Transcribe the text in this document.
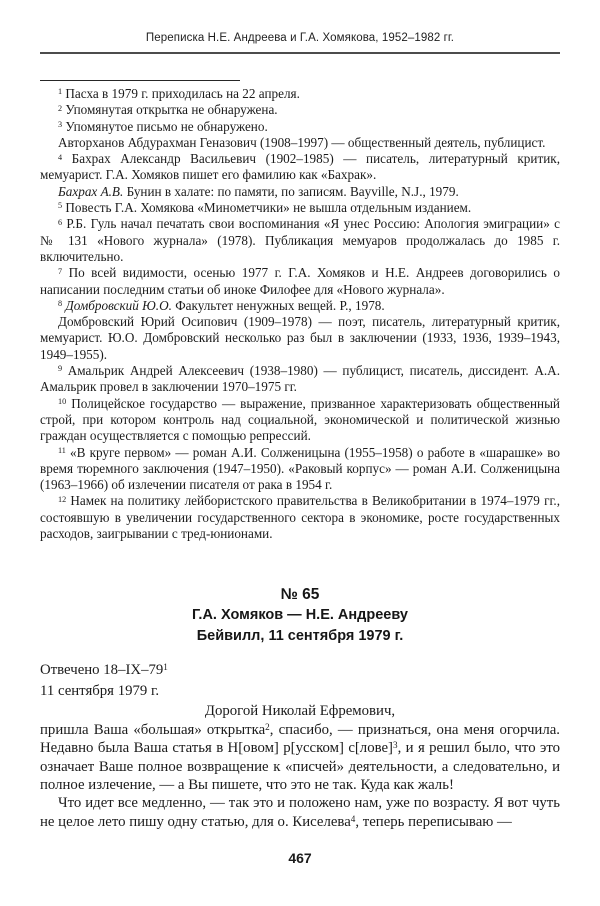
Переписка Н.Е. Андреева и Г.А. Хомякова, 1952–1982 гг.
$^1$ Пасха в 1979 г. приходилась на 22 апреля.
$^2$ Упомянутая открытка не обнаружена.
$^3$ Упомянутое письмо не обнаружено.
Авторханов Абдурахман Геназович (1908–1997) — общественный деятель, публицист.
$^4$ Бахрах Александр Васильевич (1902–1985) — писатель, литературный критик, мемуарист. Г.А. Хомяков пишет его фамилию как «Бахрак».
Бахрах А.В. Бунин в халате: по памяти, по записям. Bayville, N.J., 1979.
$^5$ Повесть Г.А. Хомякова «Минометчики» не вышла отдельным изданием.
$^6$ Р.Б. Гуль начал печатать свои воспоминания «Я унес Россию: Апология эмиграции» с № 131 «Нового журнала» (1978). Публикация мемуаров продолжалась до 1985 г. включительно.
$^7$ По всей видимости, осенью 1977 г. Г.А. Хомяков и Н.Е. Андреев договорились о написании последним статьи об иноке Филофее для «Нового журнала».
$^8$ Домбровский Ю.О. Факультет ненужных вещей. Р., 1978.
Домбровский Юрий Осипович (1909–1978) — поэт, писатель, литературный критик, мемуарист. Ю.О. Домбровский несколько раз был в заключении (1933, 1936, 1939–1943, 1949–1955).
$^9$ Амальрик Андрей Алексеевич (1938–1980) — публицист, писатель, диссидент. А.А. Амальрик провел в заключении 1970–1975 гг.
$^{10}$ Полицейское государство — выражение, призванное характеризовать общественный строй, при котором контроль над социальной, экономической и политической жизнью граждан осуществляется с помощью репрессий.
$^{11}$ «В круге первом» — роман А.И. Солженицына (1955–1958) о работе в «шарашке» во время тюремного заключения (1947–1950). «Раковый корпус» — роман А.И. Солженицына (1963–1966) об излечении писателя от рака в 1954 г.
$^{12}$ Намек на политику лейбористского правительства в Великобритании в 1974–1979 гг., состоявшую в увеличении государственного сектора в экономике, росте государственных расходов, заигрывании с тред-юнионами.
№ 65
Г.А. Хомяков — Н.Е. Андрееву
Бейвилл, 11 сентября 1979 г.
Отвечено $18-IX-79^1$
11 сентября 1979 г.
Дорогой Николай Ефремович,
пришла Ваша «большая» открытка$^2$, спасибо, — признаться, она меня огорчила. Недавно была Ваша статья в Н[овом] р[усском] с[лове]$^3$, и я решил было, что это означает Ваше полное возвращение к «писчей» деятельности, а следовательно, и полное излечение, — а Вы пишете, что это не так. Куда как жаль!
Что идет все медленно, — так это и положено нам, уже по возрасту. Я вот чуть не целое лето пишу одну статью, для о. Киселева$^4$, теперь переписываю —
467
